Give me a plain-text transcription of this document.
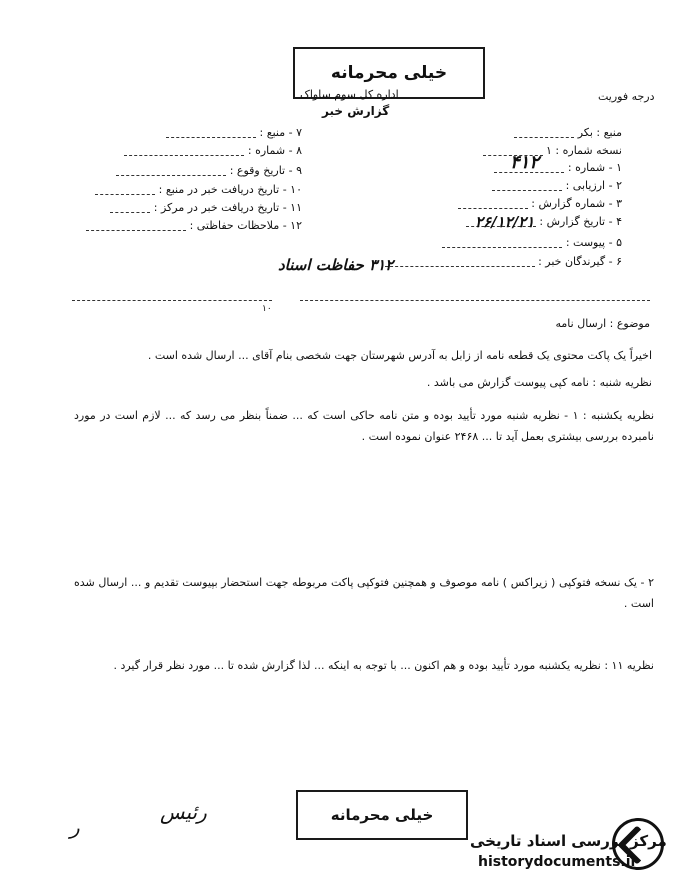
خیلی محرمانه
اداره کل سوم ساواک
گزارش خبر
درجه فوریت
منبع : بکر
نسخه شماره : ۱
۱ - شماره :
۲ - ارزیابی :
۳ - شماره گزارش :
۴ - تاریخ گزارش :
۵ - پیوست :
۶ - گیرندگان خبر :
۷ - منبع :
۸ - شماره :
۹ - تاریخ وقوع :
۱۰ - تاریخ دریافت خبر در منبع :
۱۱ - تاریخ دریافت خبر در مرکز :
۱۲ - ملاحظات حفاظتی :
۴۱۲
۲۶/۱۲/۲۱
۳۱۲ حفاظت اسناد
۱۰
موضوع : ارسال نامه
اخیراً یک پاکت محتوی یک قطعه نامه از زابل به آدرس شهرستان جهت شخصی بنام آقای ... ارسال شده است .
نظریه شنبه : نامه کپی پیوست گزارش می باشد .
نظریه یکشنبه : ۱ - نظریه شنبه مورد تأیید بوده و متن نامه حاکی است که ... ضمناً بنظر می رسد که ... لازم است در مورد نامبرده بررسی بیشتری بعمل آید تا ... ۲۴۶۸ عنوان نموده است .
۲ - یک نسخه فتوکپی ( زیراکس ) نامه موصوف و همچنین فتوکپی پاکت مربوطه جهت استحضار بپیوست تقدیم و ... ارسال شده است .
نظریه ۱۱ : نظریه یکشنبه مورد تأیید بوده و هم اکنون ... با توجه به اینکه ... لذا گزارش شده تا ... مورد نظر قرار گیرد .
خیلی محرمانه
ر
رئیس
مرکز بررسی اسناد تاریخی
historydocuments.ir
